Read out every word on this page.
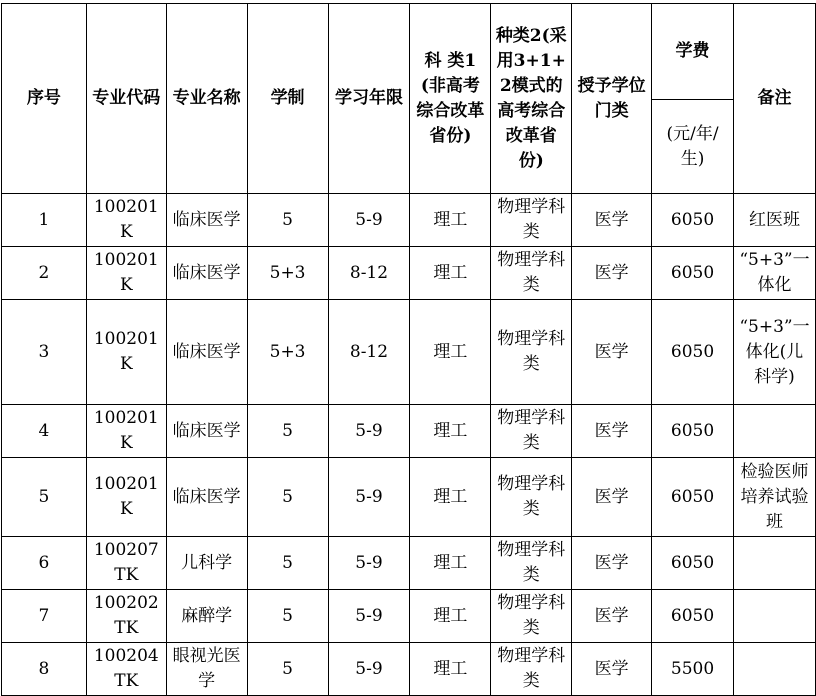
序号	专业代码	专业名称	学制	学习年限	科 类1(非高考综合改革省份)	种类2(采用3+1+2模式的高考综合改革省份)	授予学位门类	学费	备注
								(元/年/生)	
1	100201K	临床医学	5	5-9	理工	物理学科类	医学	6050	红医班
2	100201K	临床医学	5+3	8-12	理工	物理学科类	医学	6050	“5+3”一体化
3	100201K	临床医学	5+3	8-12	理工	物理学科类	医学	6050	“5+3”一体化(儿科学)
4	100201K	临床医学	5	5-9	理工	物理学科类	医学	6050	
5	100201K	临床医学	5	5-9	理工	物理学科类	医学	6050	检验医师培养试验班
6	100207TK	儿科学	5	5-9	理工	物理学科类	医学	6050	
7	100202TK	麻醉学	5	5-9	理工	物理学科类	医学	6050	
8	100204TK	眼视光医学	5	5-9	理工	物理学科类	医学	5500	
